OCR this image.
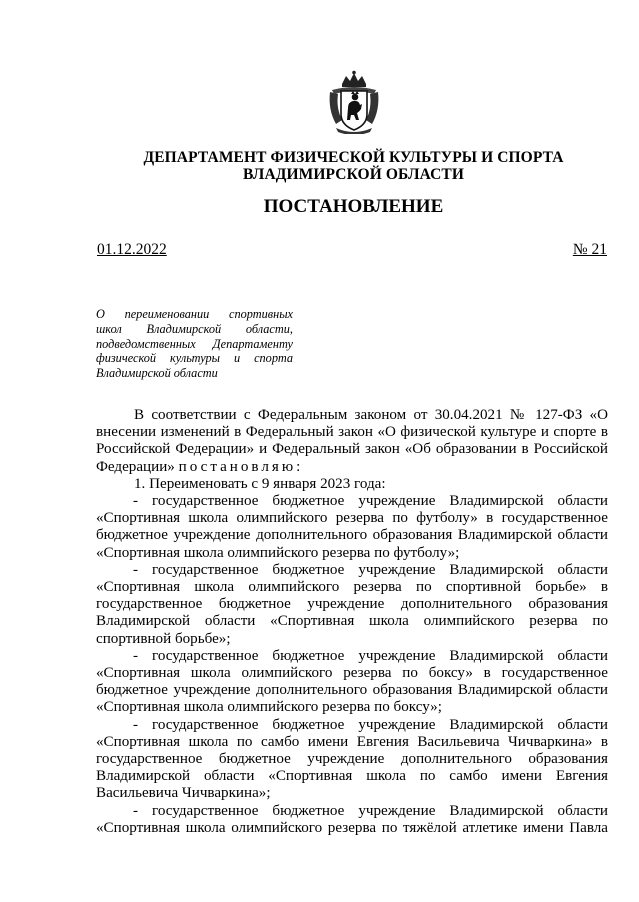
ДЕПАРТАМЕНТ ФИЗИЧЕСКОЙ КУЛЬТУРЫ И СПОРТА
ВЛАДИМИРСКОЙ ОБЛАСТИ
ПОСТАНОВЛЕНИЕ
01.12.2022	№ 21
О переименовании спортивных
школ Владимирской области,
подведомственных Департаменту
физической культуры и спорта
Владимирской области
В соответствии с Федеральным законом от 30.04.2021 № 127-ФЗ «О
внесении изменений в Федеральный закон «О физической культуре и спорте в
Российской Федерации» и Федеральный закон «Об образовании в Российской
Федерации» постановляю:
1. Переименовать с 9 января 2023 года:
- государственное бюджетное учреждение Владимирской области
«Спортивная школа олимпийского резерва по футболу» в государственное
бюджетное учреждение дополнительного образования Владимирской области
«Спортивная школа олимпийского резерва по футболу»;
- государственное бюджетное учреждение Владимирской области
«Спортивная школа олимпийского резерва по спортивной борьбе» в
государственное бюджетное учреждение дополнительного образования
Владимирской области «Спортивная школа олимпийского резерва по
спортивной борьбе»;
- государственное бюджетное учреждение Владимирской области
«Спортивная школа олимпийского резерва по боксу» в государственное
бюджетное учреждение дополнительного образования Владимирской области
«Спортивная школа олимпийского резерва по боксу»;
- государственное бюджетное учреждение Владимирской области
«Спортивная школа по самбо имени Евгения Васильевича Чичваркина» в
государственное бюджетное учреждение дополнительного образования
Владимирской области «Спортивная школа по самбо имени Евгения
Васильевича Чичваркина»;
- государственное бюджетное учреждение Владимирской области
«Спортивная школа олимпийского резерва по тяжёлой атлетике имени Павла
